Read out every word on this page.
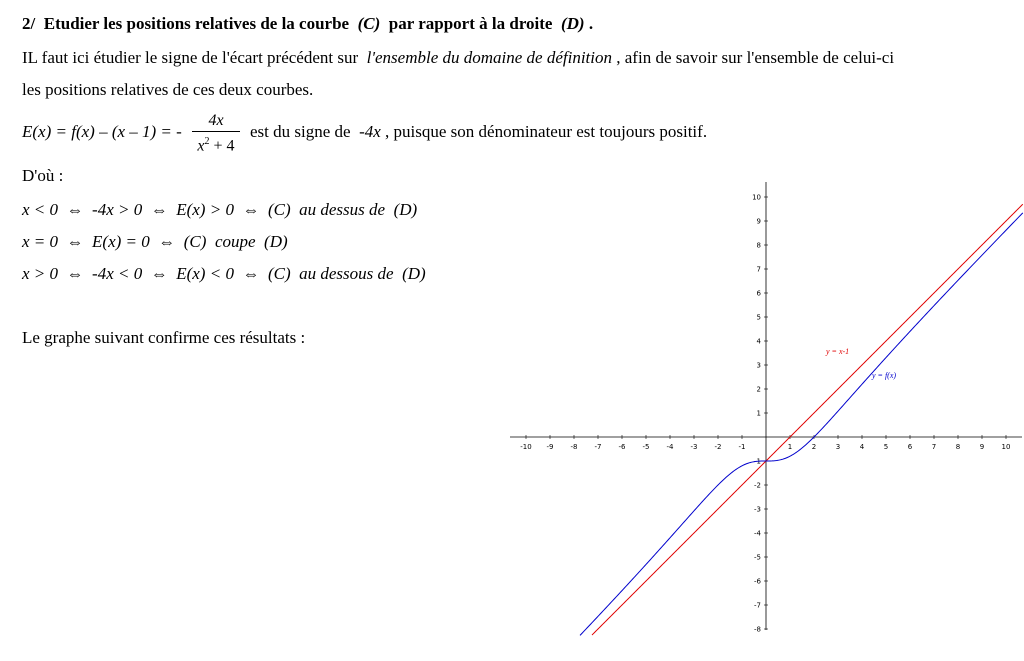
2/ Etudier les positions relatives de la courbe (C) par rapport à la droite (D) .
IL faut ici étudier le signe de l'écart précédent sur l'ensemble du domaine de définition , afin de savoir sur l'ensemble de celui-ci
les positions relatives de ces deux courbes.
E(x) = f(x) – (x – 1) = - $\frac{4x}{x^2 + 4}$ est du signe de -4x , puisque son dénominateur est toujours positif.
D'où :
x < 0 ⇔ -4x > 0 ⇔ E(x) > 0 ⇔ (C) au dessus de (D)
x = 0 ⇔ E(x) = 0 ⇔ (C) coupe (D)
x > 0 ⇔ -4x < 0 ⇔ E(x) < 0 ⇔ (C) au dessous de (D)
Le graphe suivant confirme ces résultats :
-10 -9 -8 -7 -6 -5 -4 -3 -2 -1	1	2	3	4	5	6	7	8	9 10
-8
-7
-6
-5
-4
-3
-2
-1
1
2
3
4
5
6
7
8
9
10
y = x-1
y = f(x)
